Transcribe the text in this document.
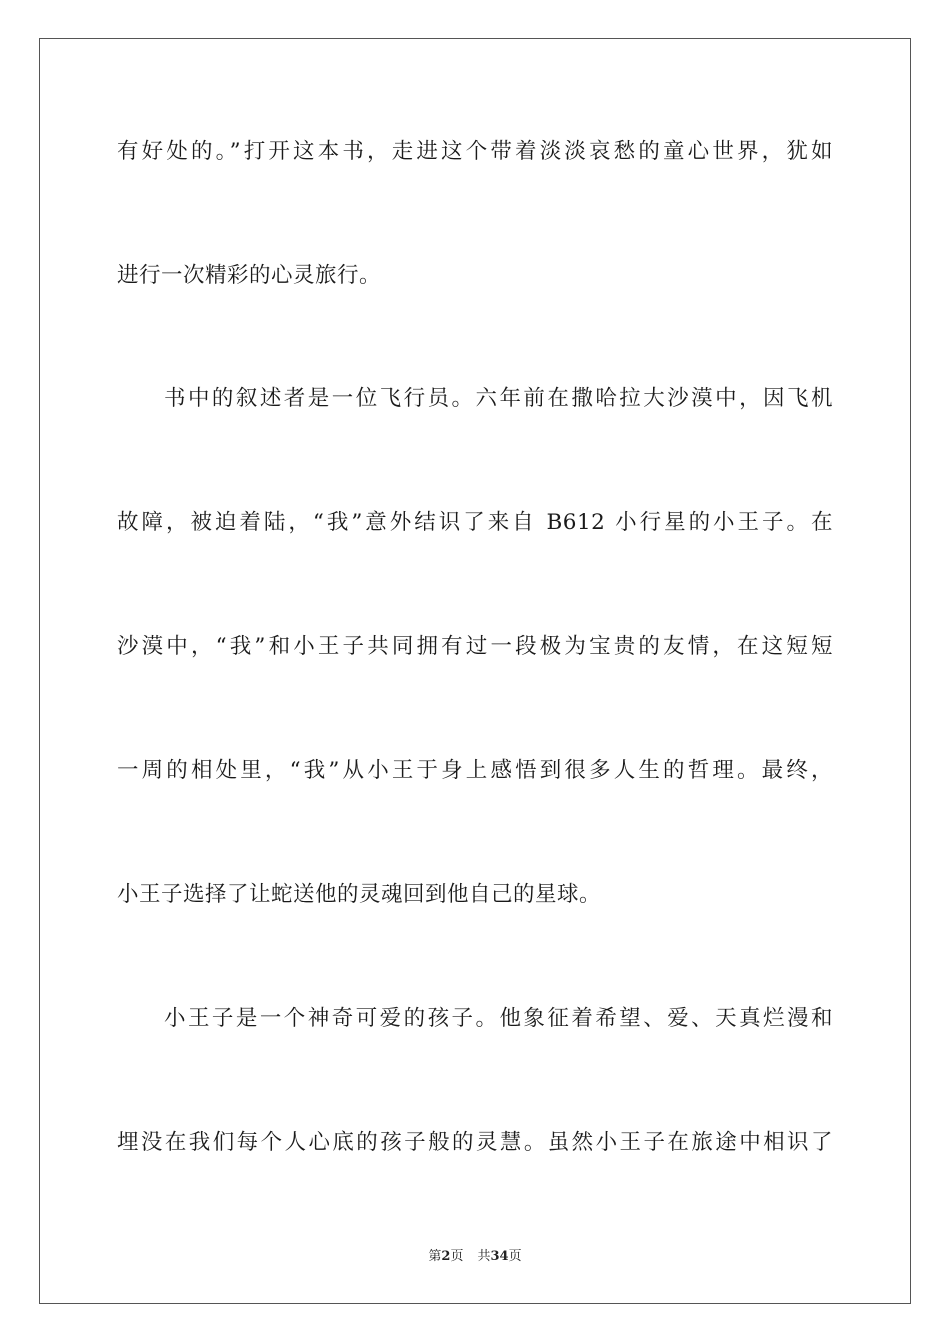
有好处的。”打开这本书，走进这个带着淡淡哀愁的童心世界，犹如
进行一次精彩的心灵旅行。
书中的叙述者是一位飞行员。六年前在撒哈拉大沙漠中，因飞机
故障，被迫着陆，“我”意外结识了来自 B612 小行星的小王子。在
沙漠中，“我”和小王子共同拥有过一段极为宝贵的友情，在这短短
一周的相处里，“我”从小王于身上感悟到很多人生的哲理。最终，
小王子选择了让蛇送他的灵魂回到他自己的星球。
小王子是一个神奇可爱的孩子。他象征着希望、爱、天真烂漫和
埋没在我们每个人心底的孩子般的灵慧。虽然小王子在旅途中相识了
第2页 共34页
